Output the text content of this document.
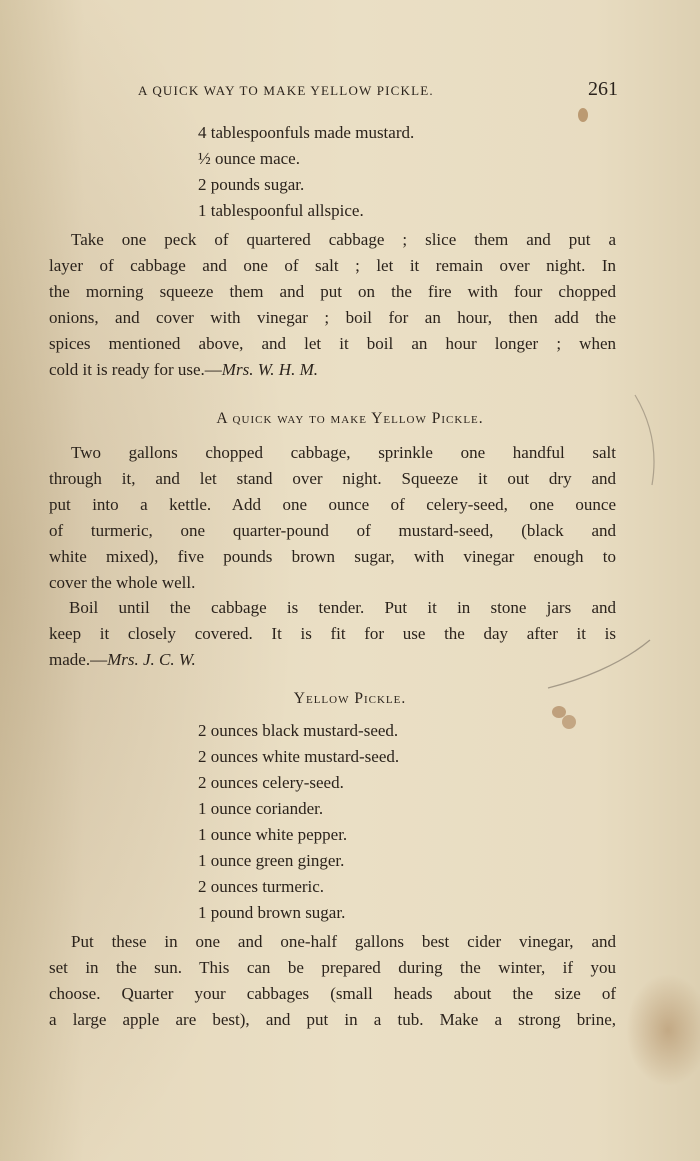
A QUICK WAY TO MAKE YELLOW PICKLE.	261
4 tablespoonfuls made mustard.
½ ounce mace.
2 pounds sugar.
1 tablespoonful allspice.
Take one peck of quartered cabbage ; slice them and put a
layer of cabbage and one of salt ; let it remain over night. In
the morning squeeze them and put on the fire with four chopped
onions, and cover with vinegar ; boil for an hour, then add the
spices mentioned above, and let it boil an hour longer ; when
cold it is ready for use.—Mrs. W. H. M.
A quick way to make Yellow Pickle.
Two gallons chopped cabbage, sprinkle one handful salt
through it, and let stand over night. Squeeze it out dry and
put into a kettle. Add one ounce of celery-seed, one ounce
of turmeric, one quarter-pound of mustard-seed, (black and
white mixed), five pounds brown sugar, with vinegar enough to
cover the whole well.
Boil until the cabbage is tender. Put it in stone jars and
keep it closely covered. It is fit for use the day after it is
made.—Mrs. J. C. W.
Yellow Pickle.
2 ounces black mustard-seed.
2 ounces white mustard-seed.
2 ounces celery-seed.
1 ounce coriander.
1 ounce white pepper.
1 ounce green ginger.
2 ounces turmeric.
1 pound brown sugar.
Put these in one and one-half gallons best cider vinegar, and
set in the sun. This can be prepared during the winter, if you
choose. Quarter your cabbages (small heads about the size of
a large apple are best), and put in a tub. Make a strong brine,
